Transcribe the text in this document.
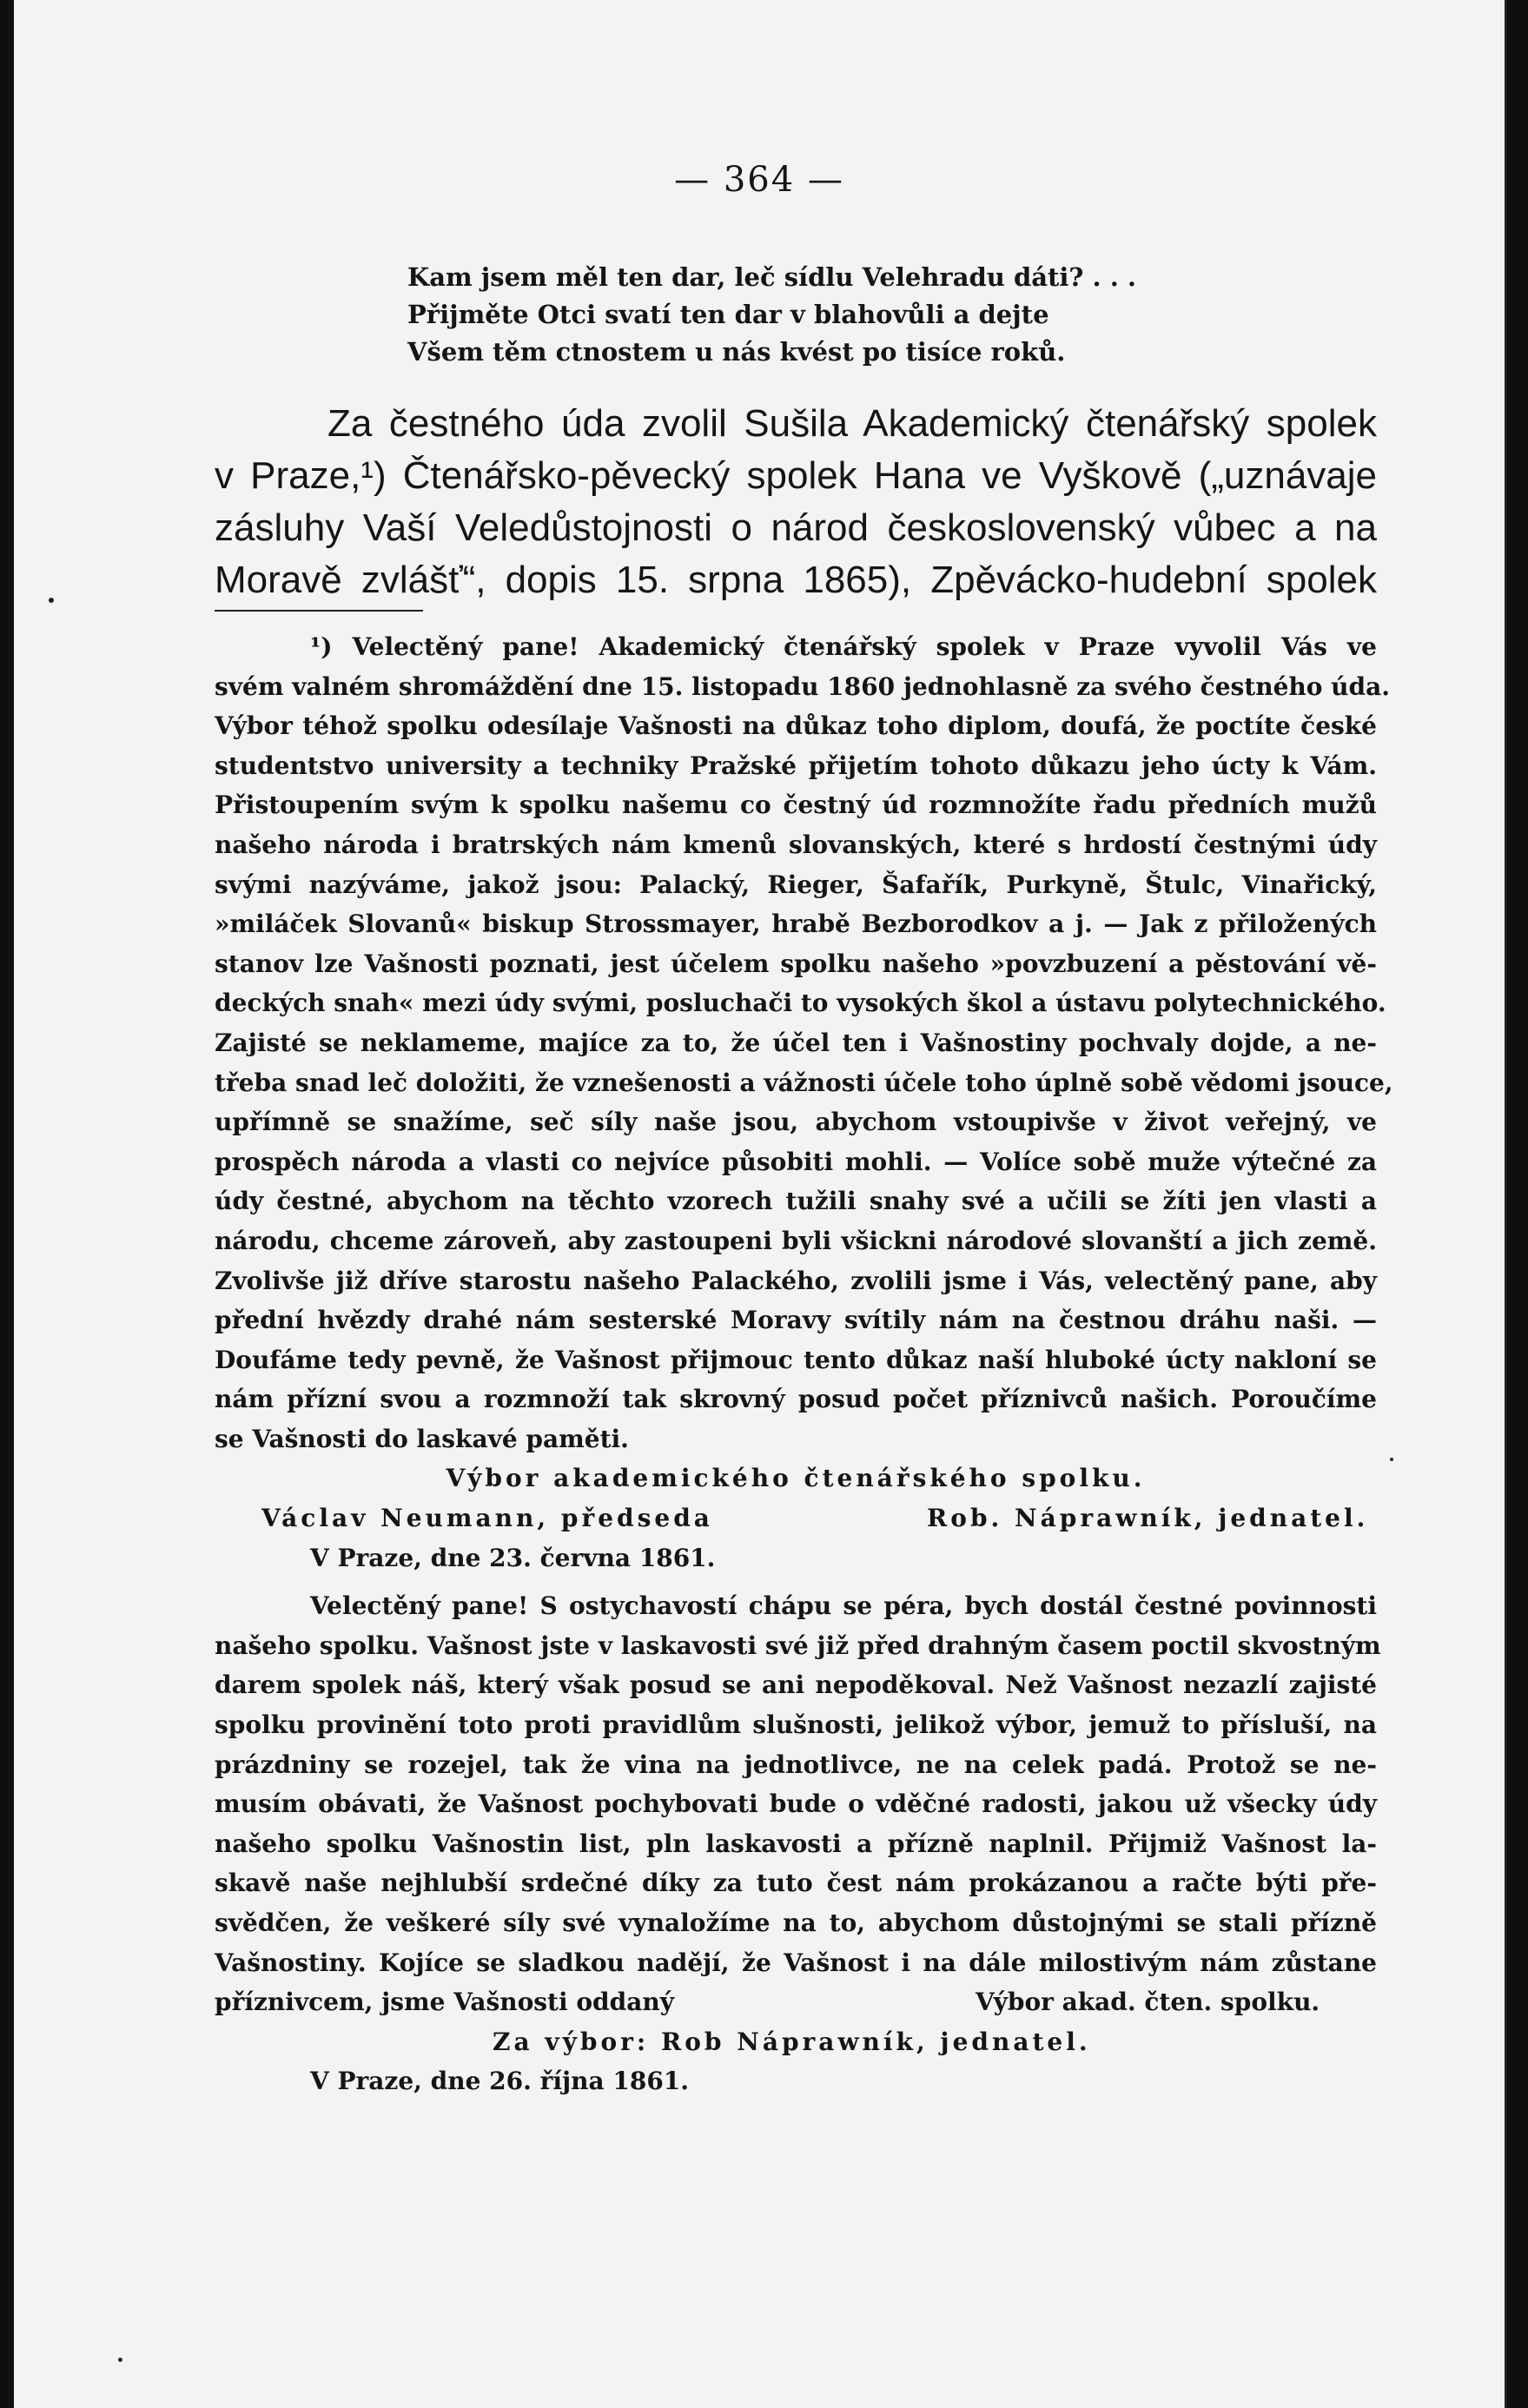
— 364 —
Kam jsem měl ten dar, leč sídlu Velehradu dáti? . . .
Přijměte Otci svatí ten dar v blahovůli a dejte
Všem těm ctnostem u nás kvést po tisíce roků.
Za čestného úda zvolil Sušila Akademický čtenářský spolek
v Praze,¹) Čtenářsko-pěvecký spolek Hana ve Vyškově („uznávaje
zásluhy Vaší Veledůstojnosti o národ československý vůbec a na
Moravě zvlášť“, dopis 15. srpna 1865), Zpěvácko-hudební spolek
¹) Velectěný pane! Akademický čtenářský spolek v Praze vyvolil Vás ve
svém valném shromáždění dne 15. listopadu 1860 jednohlasně za svého čestného úda.
Výbor téhož spolku odesílaje Vašnosti na důkaz toho diplom, doufá, že poctíte české
studentstvo university a techniky Pražské přijetím tohoto důkazu jeho úcty k Vám.
Přistoupením svým k spolku našemu co čestný úd rozmnožíte řadu předních mužů
našeho národa i bratrských nám kmenů slovanských, které s hrdostí čestnými údy
svými nazýváme, jakož jsou: Palacký, Rieger, Šafařík, Purkyně, Štulc, Vinařický,
»miláček Slovanů« biskup Strossmayer, hrabě Bezborodkov a j. — Jak z přiložených
stanov lze Vašnosti poznati, jest účelem spolku našeho »povzbuzení a pěstování vě-
deckých snah« mezi údy svými, posluchači to vysokých škol a ústavu polytechnického.
Zajisté se neklameme, majíce za to, že účel ten i Vašnostiny pochvaly dojde, a ne-
třeba snad leč doložiti, že vznešenosti a vážnosti účele toho úplně sobě vědomi jsouce,
upřímně se snažíme, seč síly naše jsou, abychom vstoupivše v život veřejný, ve
prospěch národa a vlasti co nejvíce působiti mohli. — Volíce sobě muže výtečné za
údy čestné, abychom na těchto vzorech tužili snahy své a učili se žíti jen vlasti a
národu, chceme zároveň, aby zastoupeni byli všickni národové slovanští a jich země.
Zvolivše již dříve starostu našeho Palackého, zvolili jsme i Vás, velectěný pane, aby
přední hvězdy drahé nám sesterské Moravy svítily nám na čestnou dráhu naši. —
Doufáme tedy pevně, že Vašnost přijmouc tento důkaz naší hluboké úcty nakloní se
nám přízní svou a rozmnoží tak skrovný posud počet příznivců našich. Poroučíme
se Vašnosti do laskavé paměti.
Výbor akademického čtenářského spolku.
Václav Neumann, předseda	Rob. Náprawník, jednatel.
V Praze, dne 23. června 1861.
Velectěný pane! S ostychavostí chápu se péra, bych dostál čestné povinnosti
našeho spolku. Vašnost jste v laskavosti své již před drahným časem poctil skvostným
darem spolek náš, který však posud se ani nepoděkoval. Než Vašnost nezazlí zajisté
spolku provinění toto proti pravidlům slušnosti, jelikož výbor, jemuž to přísluší, na
prázdniny se rozejel, tak že vina na jednotlivce, ne na celek padá. Protož se ne-
musím obávati, že Vašnost pochybovati bude o vděčné radosti, jakou už všecky údy
našeho spolku Vašnostin list, pln laskavosti a přízně naplnil. Přijmiž Vašnost la-
skavě naše nejhlubší srdečné díky za tuto čest nám prokázanou a račte býti pře-
svědčen, že veškeré síly své vynaložíme na to, abychom důstojnými se stali přízně
Vašnostiny. Kojíce se sladkou nadějí, že Vašnost i na dále milostivým nám zůstane
příznivcem, jsme Vašnosti oddaný	Výbor akad. čten. spolku.
Za výbor: Rob Náprawník, jednatel.
V Praze, dne 26. října 1861.
